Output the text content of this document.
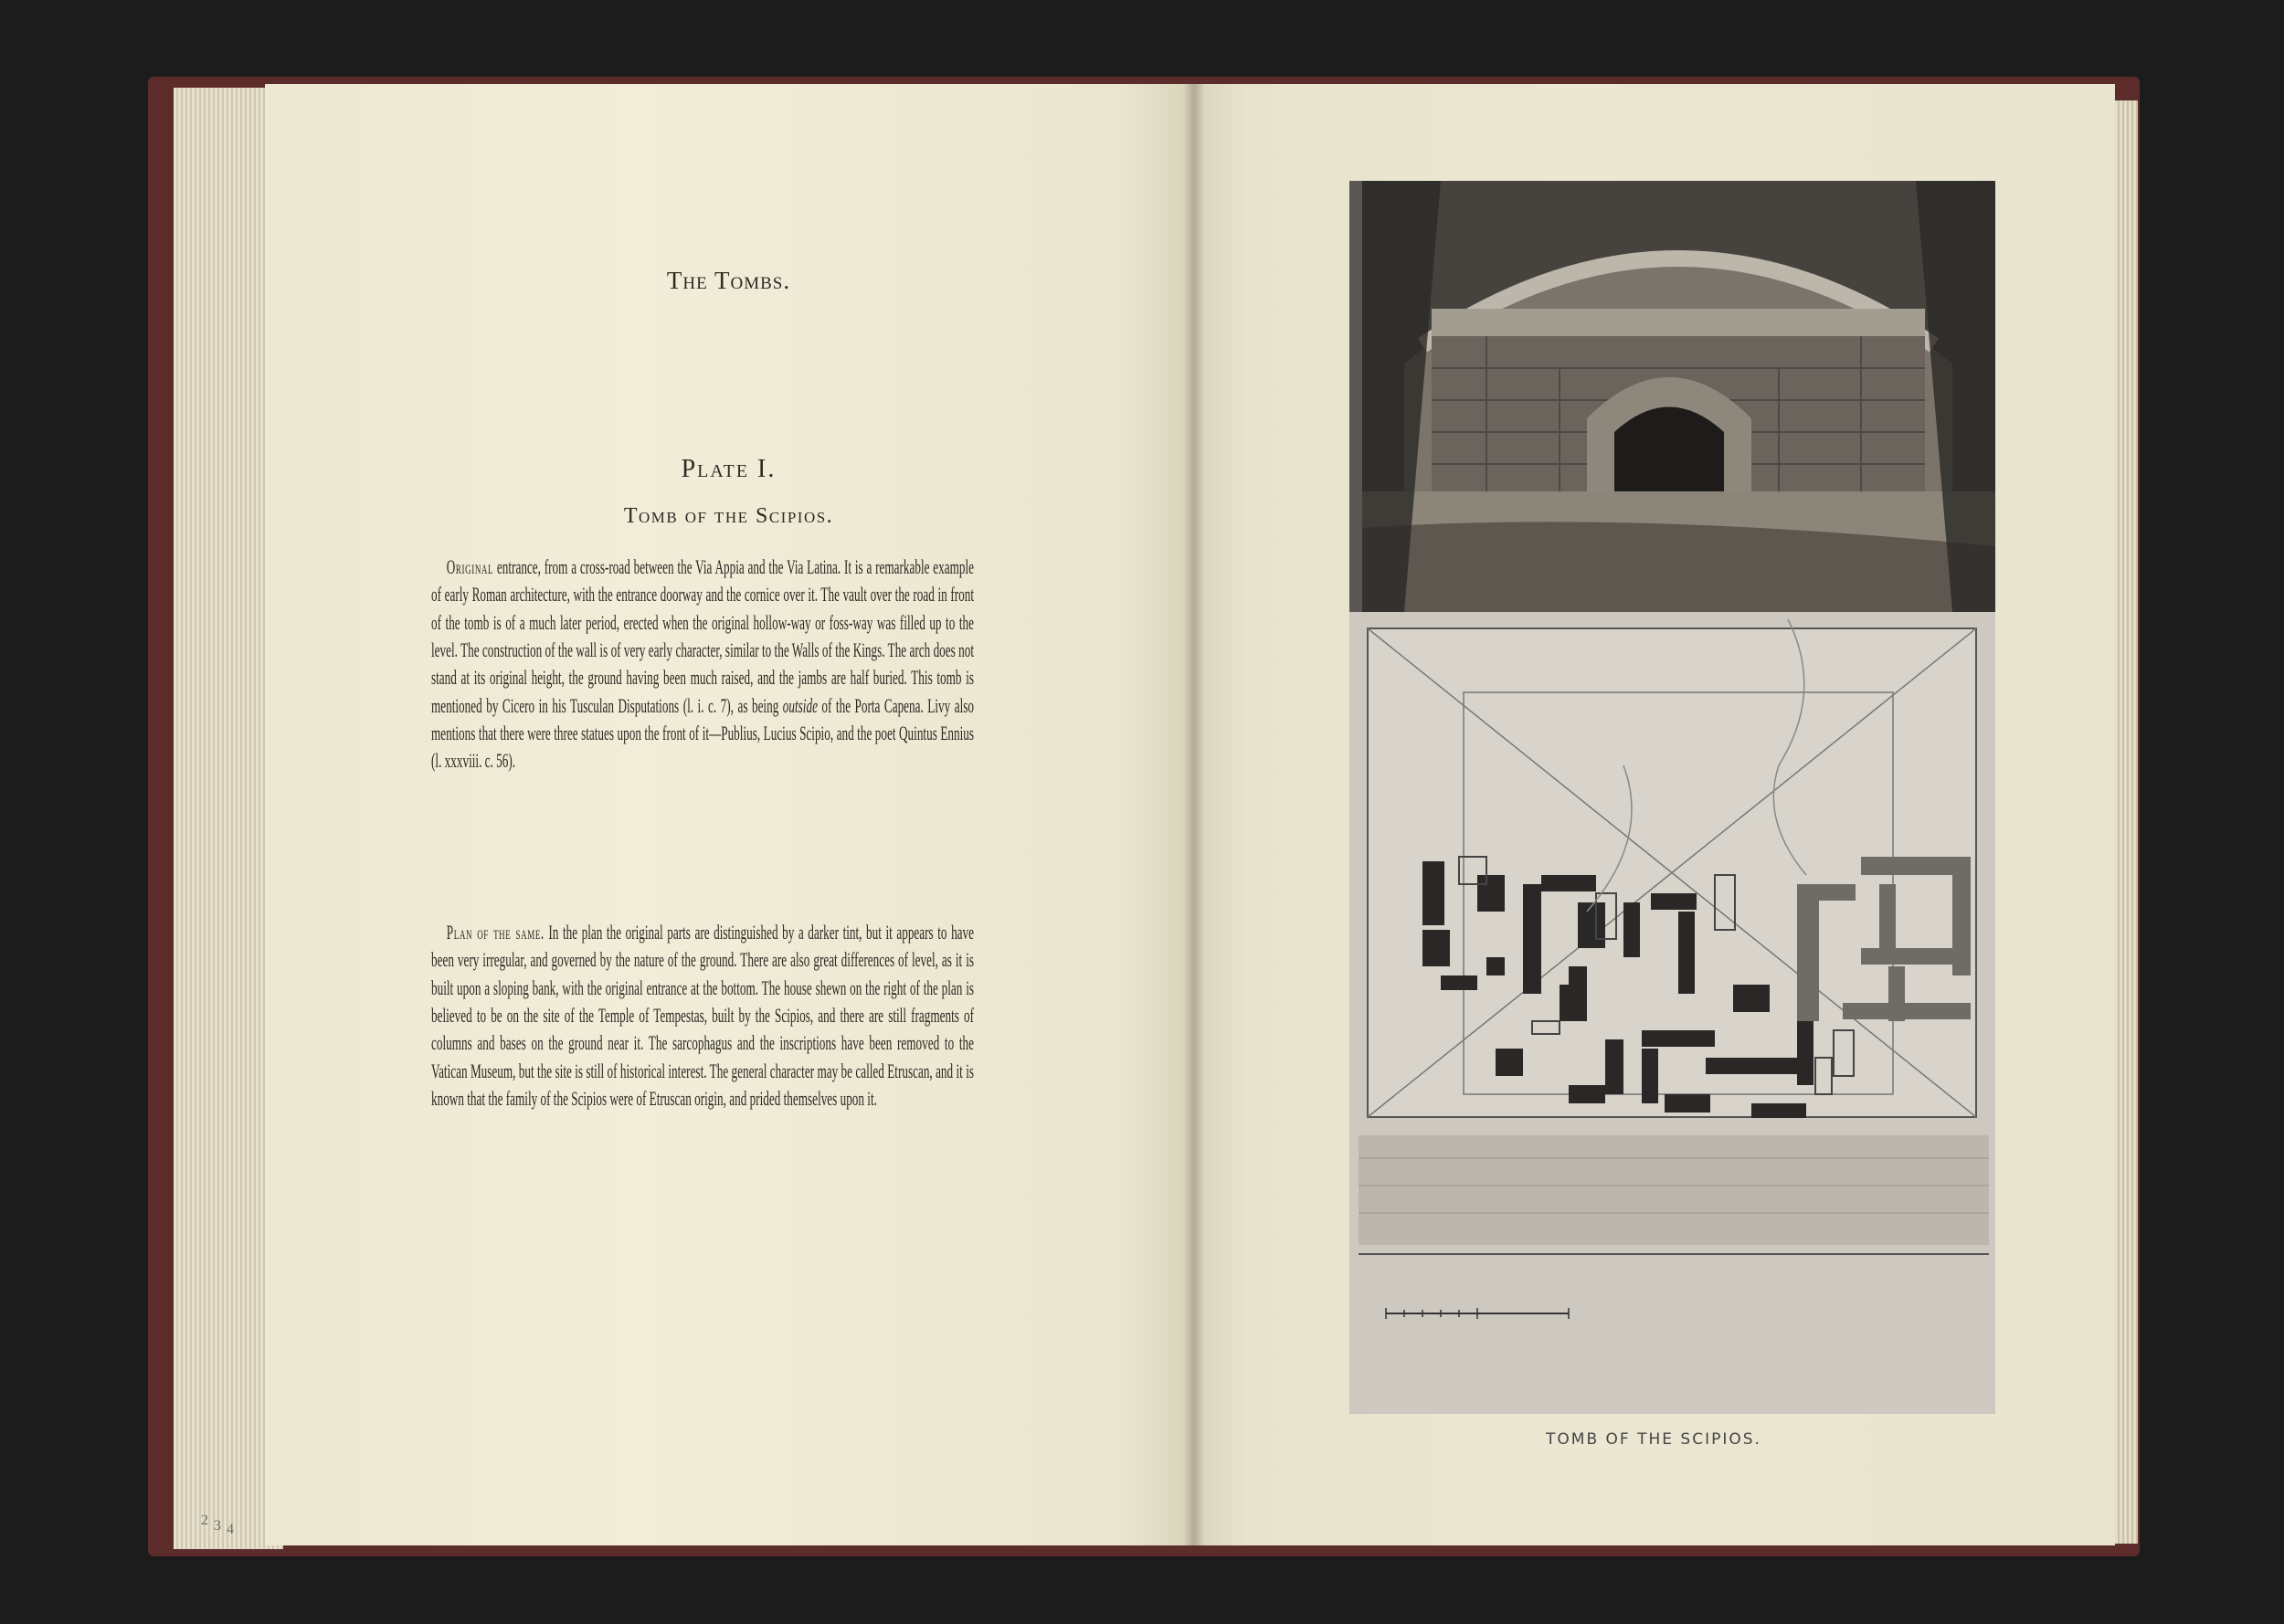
The Tombs.
Plate I.
Tomb of the Scipios.

Original entrance, from a cross-road between the Via Appia and the Via Latina. It is a remarkable example of early Roman architecture, with the entrance doorway and the cornice over it. The vault over the road in front of the tomb is of a much later period, erected when the original hollow-way or foss-way was filled up to the level. The construction of the wall is of very early character, similar to the Walls of the Kings. The arch does not stand at its original height, the ground having been much raised, and the jambs are half buried. This tomb is mentioned by Cicero in his Tusculan Disputations (l. i. c. 7), as being outside of the Porta Capena. Livy also mentions that there were three statues upon the front of it—Publius, Lucius Scipio, and the poet Quintus Ennius (l. xxxviii. c. 56).

Plan of the same. In the plan the original parts are distinguished by a darker tint, but it appears to have been very irregular, and governed by the nature of the ground. There are also great differences of level, as it is built upon a sloping bank, with the original entrance at the bottom. The house shewn on the right of the plan is believed to be on the site of the Temple of Tempestas, built by the Scipios, and there are still fragments of columns and bases on the ground near it. The sarcophagus and the inscriptions have been removed to the Vatican Museum, but the site is still of historical interest. The general character may be called Etruscan, and it is known that the family of the Scipios were of Etruscan origin, and prided themselves upon it.

2 3 4
TOMB OF THE SCIPIOS.
